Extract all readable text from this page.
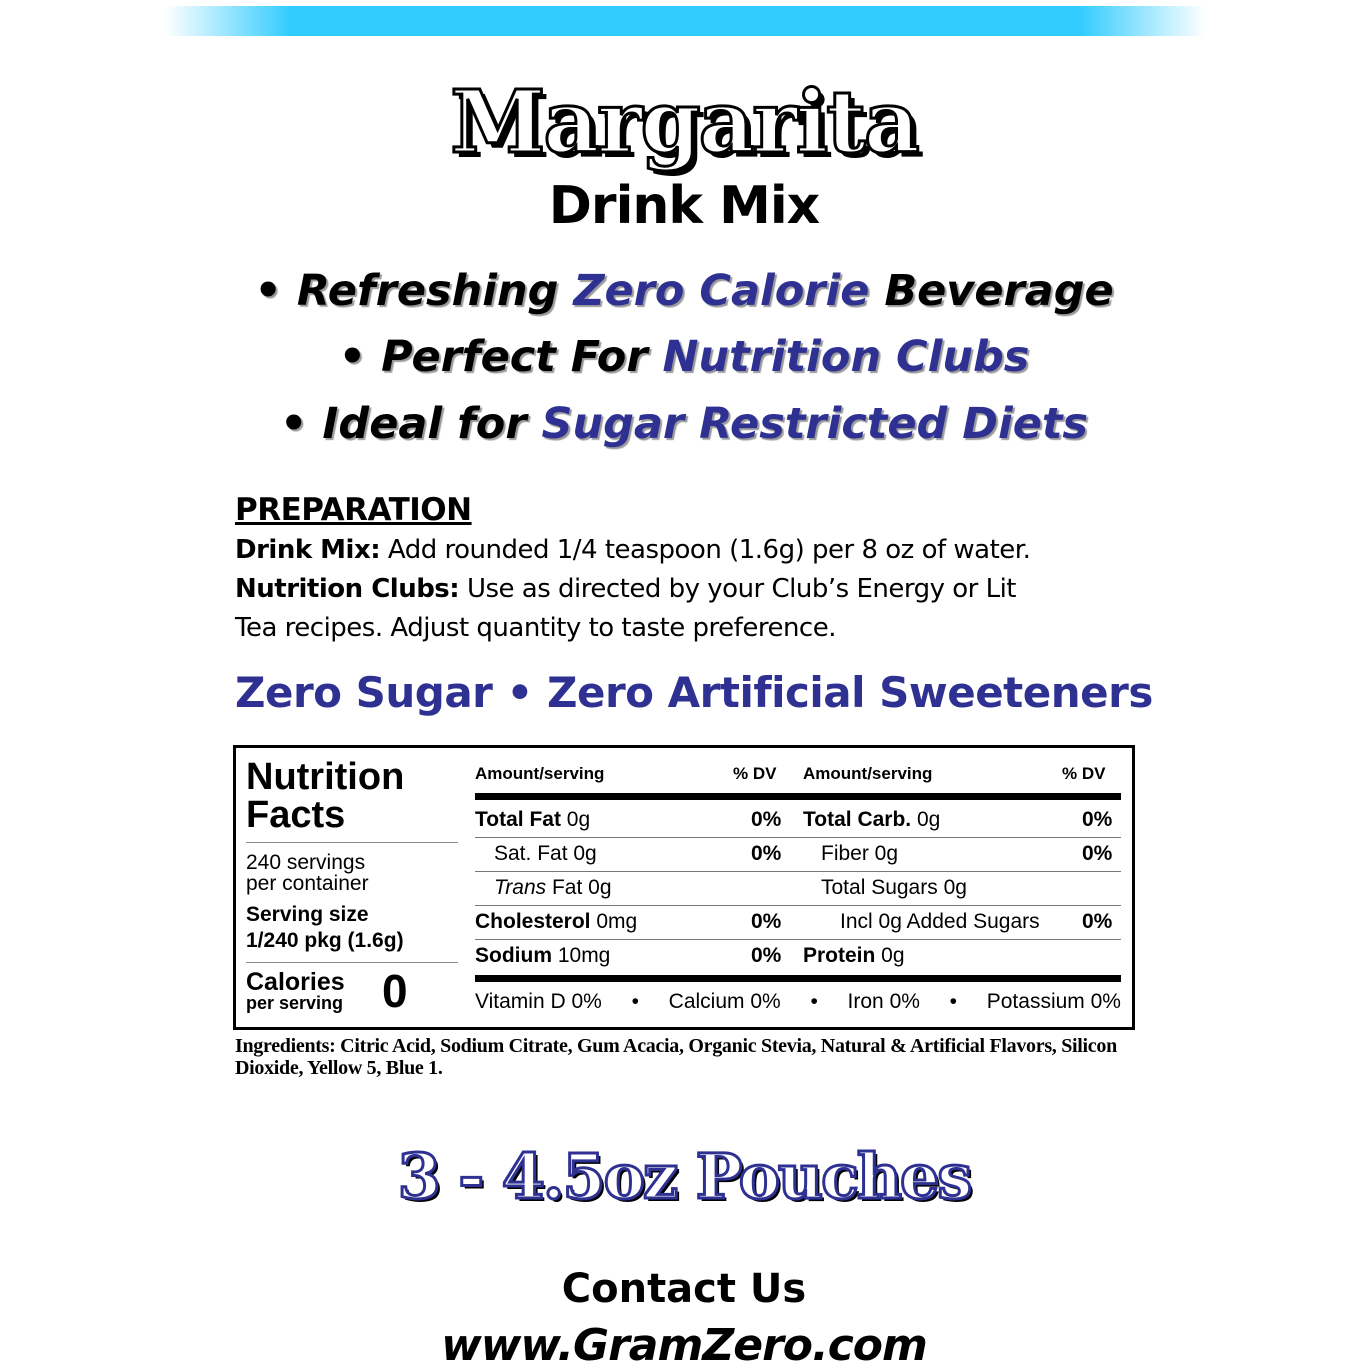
Margarita
Drink Mix
• Refreshing Zero Calorie Beverage
• Perfect For Nutrition Clubs
• Ideal for Sugar Restricted Diets
PREPARATION
Drink Mix: Add rounded 1/4 teaspoon (1.6g) per 8 oz of water.
Nutrition Clubs: Use as directed by your Club’s Energy or Lit
Tea recipes. Adjust quantity to taste preference.
Zero Sugar • Zero Artificial Sweeteners
Nutrition
Facts
240 servings
per container
Serving size
1/240 pkg (1.6g)
Calories
per serving 0
Amount/serving	% DV Amount/serving	% DV
Total Fat 0g
Sat. Fat 0g
Trans Fat 0g
Cholesterol 0mg
Sodium 10mg
0%
0%
0%
0%
Total Carb. 0g
Fiber 0g
Total Sugars 0g
Incl 0g Added Sugars
Protein 0g
0%
0%
0%
Vitamin D 0% • Calcium 0% • Iron 0% • Potassium 0%
Ingredients: Citric Acid, Sodium Citrate, Gum Acacia, Organic Stevia, Natural & Artificial Flavors, Silicon Dioxide, Yellow 5, Blue 1.
3 - 4.5oz Pouches
Contact Us
www.GramZero.com
